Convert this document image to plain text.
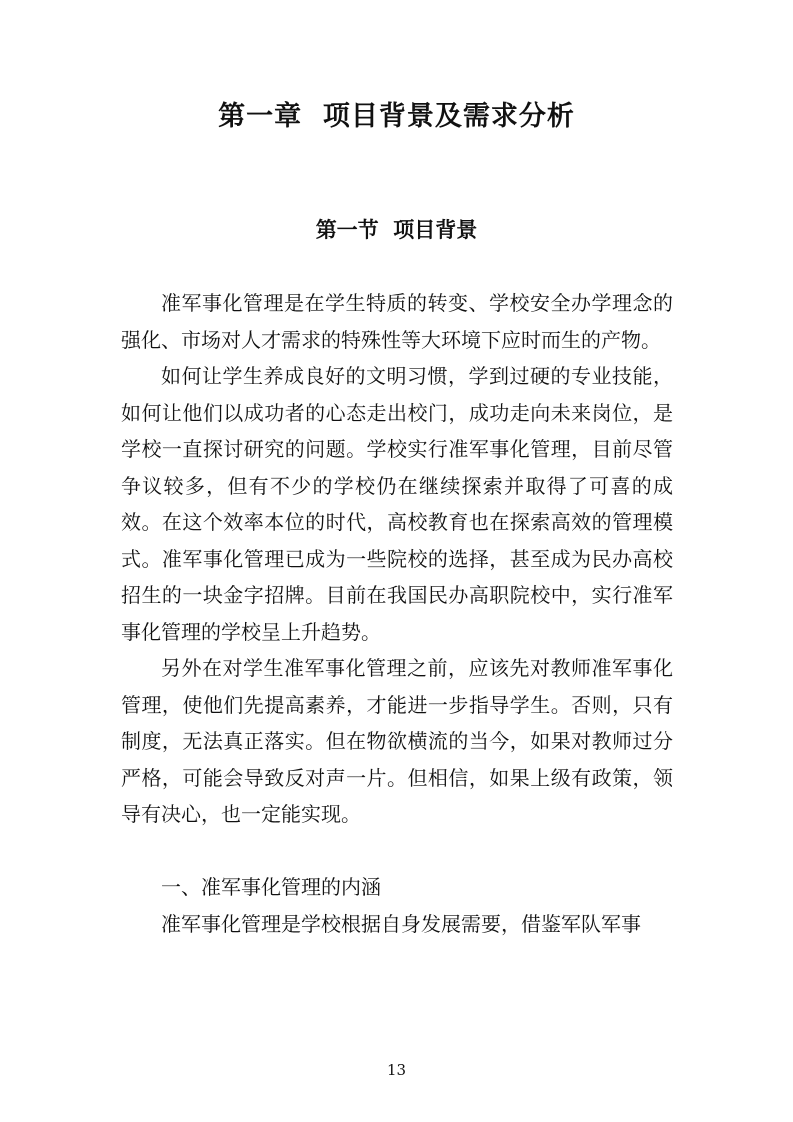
第一章  项目背景及需求分析
第一节  项目背景

准军事化管理是在学生特质的转变、学校安全办学理念的强化、市场对人才需求的特殊性等大环境下应时而生的产物。

如何让学生养成良好的文明习惯，学到过硬的专业技能，如何让他们以成功者的心态走出校门，成功走向未来岗位，是学校一直探讨研究的问题。学校实行准军事化管理，目前尽管争议较多，但有不少的学校仍在继续探索并取得了可喜的成效。在这个效率本位的时代，高校教育也在探索高效的管理模式。准军事化管理已成为一些院校的选择，甚至成为民办高校招生的一块金字招牌。目前在我国民办高职院校中，实行准军事化管理的学校呈上升趋势。

另外在对学生准军事化管理之前，应该先对教师准军事化管理，使他们先提高素养，才能进一步指导学生。否则，只有制度，无法真正落实。但在物欲横流的当今，如果对教师过分严格，可能会导致反对声一片。但相信，如果上级有政策，领导有决心，也一定能实现。

一、准军事化管理的内涵

准军事化管理是学校根据自身发展需要，借鉴军队军事

13
